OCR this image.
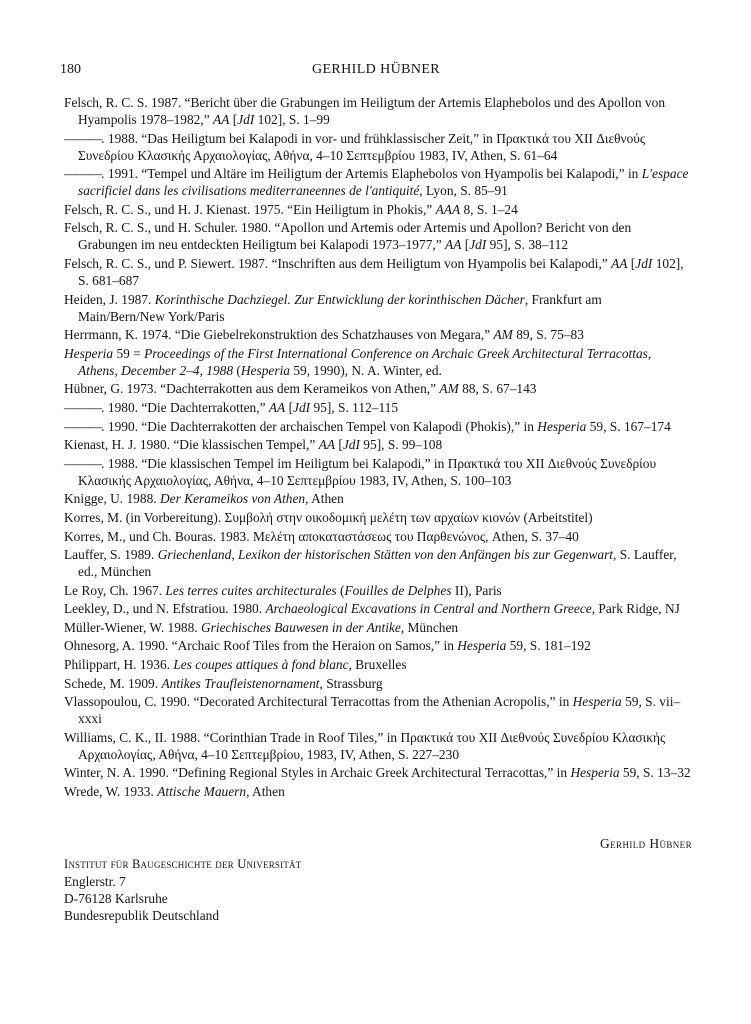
180	GERHILD HÜBNER
Felsch, R. C. S. 1987. “Bericht über die Grabungen im Heiligtum der Artemis Elaphebolos und des Apollon von Hyampolis 1978–1982,” AA [JdI 102], S. 1–99
———. 1988. “Das Heiligtum bei Kalapodi in vor- und frühklassischer Zeit,” in Πρακτικά του XII Διεθνούς Συνεδρίου Κλασικής Αρχαιολογίας, Αθήνα, 4–10 Σεπτεμβρίου 1983, IV, Athen, S. 61–64
———. 1991. “Tempel und Altäre im Heiligtum der Artemis Elaphebolos von Hyampolis bei Kalapodi,” in L'espace sacrificiel dans les civilisations mediterraneennes de l'antiquité, Lyon, S. 85–91
Felsch, R. C. S., und H. J. Kienast. 1975. “Ein Heiligtum in Phokis,” AAA 8, S. 1–24
Felsch, R. C. S., und H. Schuler. 1980. “Apollon und Artemis oder Artemis und Apollon? Bericht von den Grabungen im neu entdeckten Heiligtum bei Kalapodi 1973–1977,” AA [JdI 95], S. 38–112
Felsch, R. C. S., und P. Siewert. 1987. “Inschriften aus dem Heiligtum von Hyampolis bei Kalapodi,” AA [JdI 102], S. 681–687
Heiden, J. 1987. Korinthische Dachziegel. Zur Entwicklung der korinthischen Dächer, Frankfurt am Main/Bern/New York/Paris
Herrmann, K. 1974. “Die Giebelrekonstruktion des Schatzhauses von Megara,” AM 89, S. 75–83
Hesperia 59 = Proceedings of the First International Conference on Archaic Greek Architectural Terracottas, Athens, December 2–4, 1988 (Hesperia 59, 1990), N. A. Winter, ed.
Hübner, G. 1973. “Dachterrakotten aus dem Kerameikos von Athen,” AM 88, S. 67–143
———. 1980. “Die Dachterrakotten,” AA [JdI 95], S. 112–115
———. 1990. “Die Dachterrakotten der archaischen Tempel von Kalapodi (Phokis),” in Hesperia 59, S. 167–174
Kienast, H. J. 1980. “Die klassischen Tempel,” AA [JdI 95], S. 99–108
———. 1988. “Die klassischen Tempel im Heiligtum bei Kalapodi,” in Πρακτικά του XII Διεθνούς Συνεδρίου Κλασικής Αρχαιολογίας, Αθήνα, 4–10 Σεπτεμβρίου 1983, IV, Athen, S. 100–103
Knigge, U. 1988. Der Kerameikos von Athen, Athen
Korres, M. (in Vorbereitung). Συμβολή στην οικοδομική μελέτη των αρχαίων κιονών (Arbeitstitel)
Korres, M., und Ch. Bouras. 1983. Μελέτη αποκαταστάσεως του Παρθενώνος, Athen, S. 37–40
Lauffer, S. 1989. Griechenland, Lexikon der historischen Stätten von den Anfängen bis zur Gegenwart, S. Lauffer, ed., München
Le Roy, Ch. 1967. Les terres cuites architecturales (Fouilles de Delphes II), Paris
Leekley, D., und N. Efstratiou. 1980. Archaeological Excavations in Central and Northern Greece, Park Ridge, NJ
Müller-Wiener, W. 1988. Griechisches Bauwesen in der Antike, München
Ohnesorg, A. 1990. “Archaic Roof Tiles from the Heraion on Samos,” in Hesperia 59, S. 181–192
Philippart, H. 1936. Les coupes attiques à fond blanc, Bruxelles
Schede, M. 1909. Antikes Traufleistenornament, Strassburg
Vlassopoulou, C. 1990. “Decorated Architectural Terracottas from the Athenian Acropolis,” in Hesperia 59, S. vii–xxxi
Williams, C. K., II. 1988. “Corinthian Trade in Roof Tiles,” in Πρακτικά του XII Διεθνούς Συνεδρίου Κλασικής Αρχαιολογίας, Αθήνα, 4–10 Σεπτεμβρίου, 1983, IV, Athen, S. 227–230
Winter, N. A. 1990. “Defining Regional Styles in Archaic Greek Architectural Terracottas,” in Hesperia 59, S. 13–32
Wrede, W. 1933. Attische Mauern, Athen
Gerhild Hübner
Institut für Baugeschichte der Universität
Englerstr. 7
D-76128 Karlsruhe
Bundesrepublik Deutschland
